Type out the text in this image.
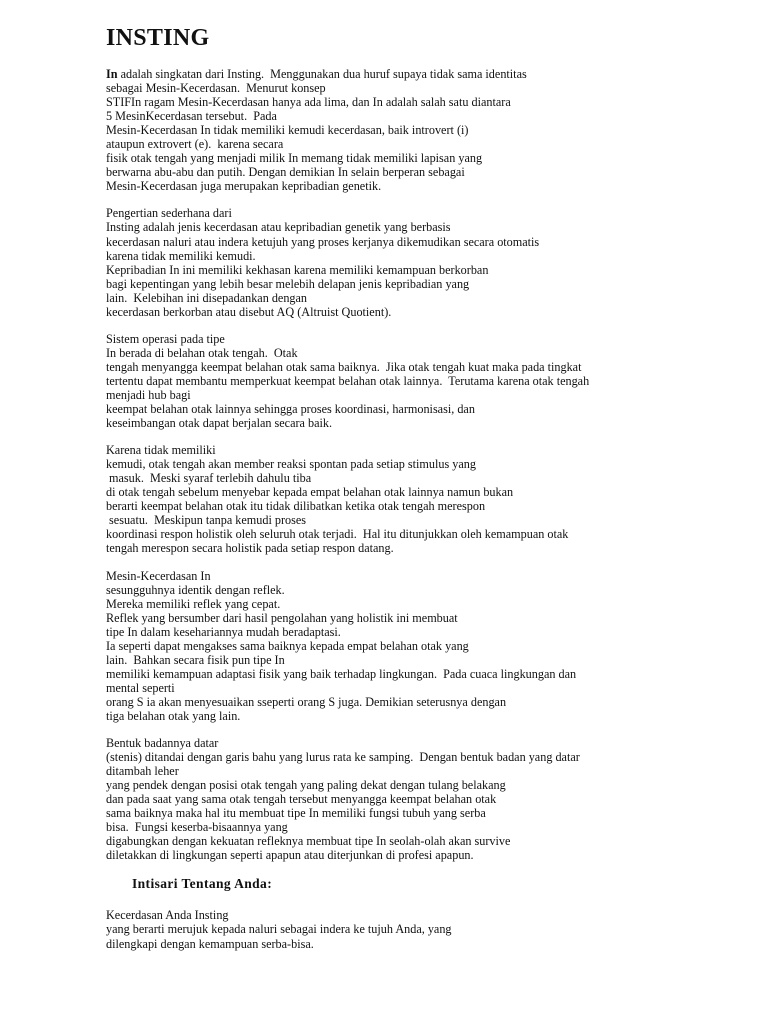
INSTING
In adalah singkatan dari Insting.  Menggunakan dua huruf supaya tidak sama identitas
sebagai Mesin-Kecerdasan.  Menurut konsep
STIFIn ragam Mesin-Kecerdasan hanya ada lima, dan In adalah salah satu diantara
5 MesinKecerdasan tersebut.  Pada
Mesin-Kecerdasan In tidak memiliki kemudi kecerdasan, baik introvert (i)
ataupun extrovert (e).  karena secara
fisik otak tengah yang menjadi milik In memang tidak memiliki lapisan yang
berwarna abu-abu dan putih. Dengan demikian In selain berperan sebagai
Mesin-Kecerdasan juga merupakan kepribadian genetik.
Pengertian sederhana dari
Insting adalah jenis kecerdasan atau kepribadian genetik yang berbasis
kecerdasan naluri atau indera ketujuh yang proses kerjanya dikemudikan secara otomatis
karena tidak memiliki kemudi.
Kepribadian In ini memiliki kekhasan karena memiliki kemampuan berkorban
bagi kepentingan yang lebih besar melebih delapan jenis kepribadian yang
lain.  Kelebihan ini disepadankan dengan
kecerdasan berkorban atau disebut AQ (Altruist Quotient).
Sistem operasi pada tipe
In berada di belahan otak tengah.  Otak
tengah menyangga keempat belahan otak sama baiknya.  Jika otak tengah kuat maka pada tingkat
tertentu dapat membantu memperkuat keempat belahan otak lainnya.  Terutama karena otak tengah
menjadi hub bagi
keempat belahan otak lainnya sehingga proses koordinasi, harmonisasi, dan
keseimbangan otak dapat berjalan secara baik.
Karena tidak memiliki
kemudi, otak tengah akan member reaksi spontan pada setiap stimulus yang
masuk.  Meski syaraf terlebih dahulu tiba
di otak tengah sebelum menyebar kepada empat belahan otak lainnya namun bukan
berarti keempat belahan otak itu tidak dilibatkan ketika otak tengah merespon
sesuatu.  Meskipun tanpa kemudi proses
koordinasi respon holistik oleh seluruh otak terjadi.  Hal itu ditunjukkan oleh kemampuan otak
tengah merespon secara holistik pada setiap respon datang.
Mesin-Kecerdasan In
sesungguhnya identik dengan reflek.
Mereka memiliki reflek yang cepat.
Reflek yang bersumber dari hasil pengolahan yang holistik ini membuat
tipe In dalam kesehariannya mudah beradaptasi.
Ia seperti dapat mengakses sama baiknya kepada empat belahan otak yang
lain.  Bahkan secara fisik pun tipe In
memiliki kemampuan adaptasi fisik yang baik terhadap lingkungan.  Pada cuaca lingkungan dan
mental seperti
orang S ia akan menyesuaikan sseperti orang S juga. Demikian seterusnya dengan
tiga belahan otak yang lain.
Bentuk badannya datar
(stenis) ditandai dengan garis bahu yang lurus rata ke samping.  Dengan bentuk badan yang datar
ditambah leher
yang pendek dengan posisi otak tengah yang paling dekat dengan tulang belakang
dan pada saat yang sama otak tengah tersebut menyangga keempat belahan otak
sama baiknya maka hal itu membuat tipe In memiliki fungsi tubuh yang serba
bisa.  Fungsi keserba-bisaannya yang
digabungkan dengan kekuatan refleknya membuat tipe In seolah-olah akan survive
diletakkan di lingkungan seperti apapun atau diterjunkan di profesi apapun.
Intisari Tentang Anda:
Kecerdasan Anda Insting
yang berarti merujuk kepada naluri sebagai indera ke tujuh Anda, yang
dilengkapi dengan kemampuan serba-bisa.
